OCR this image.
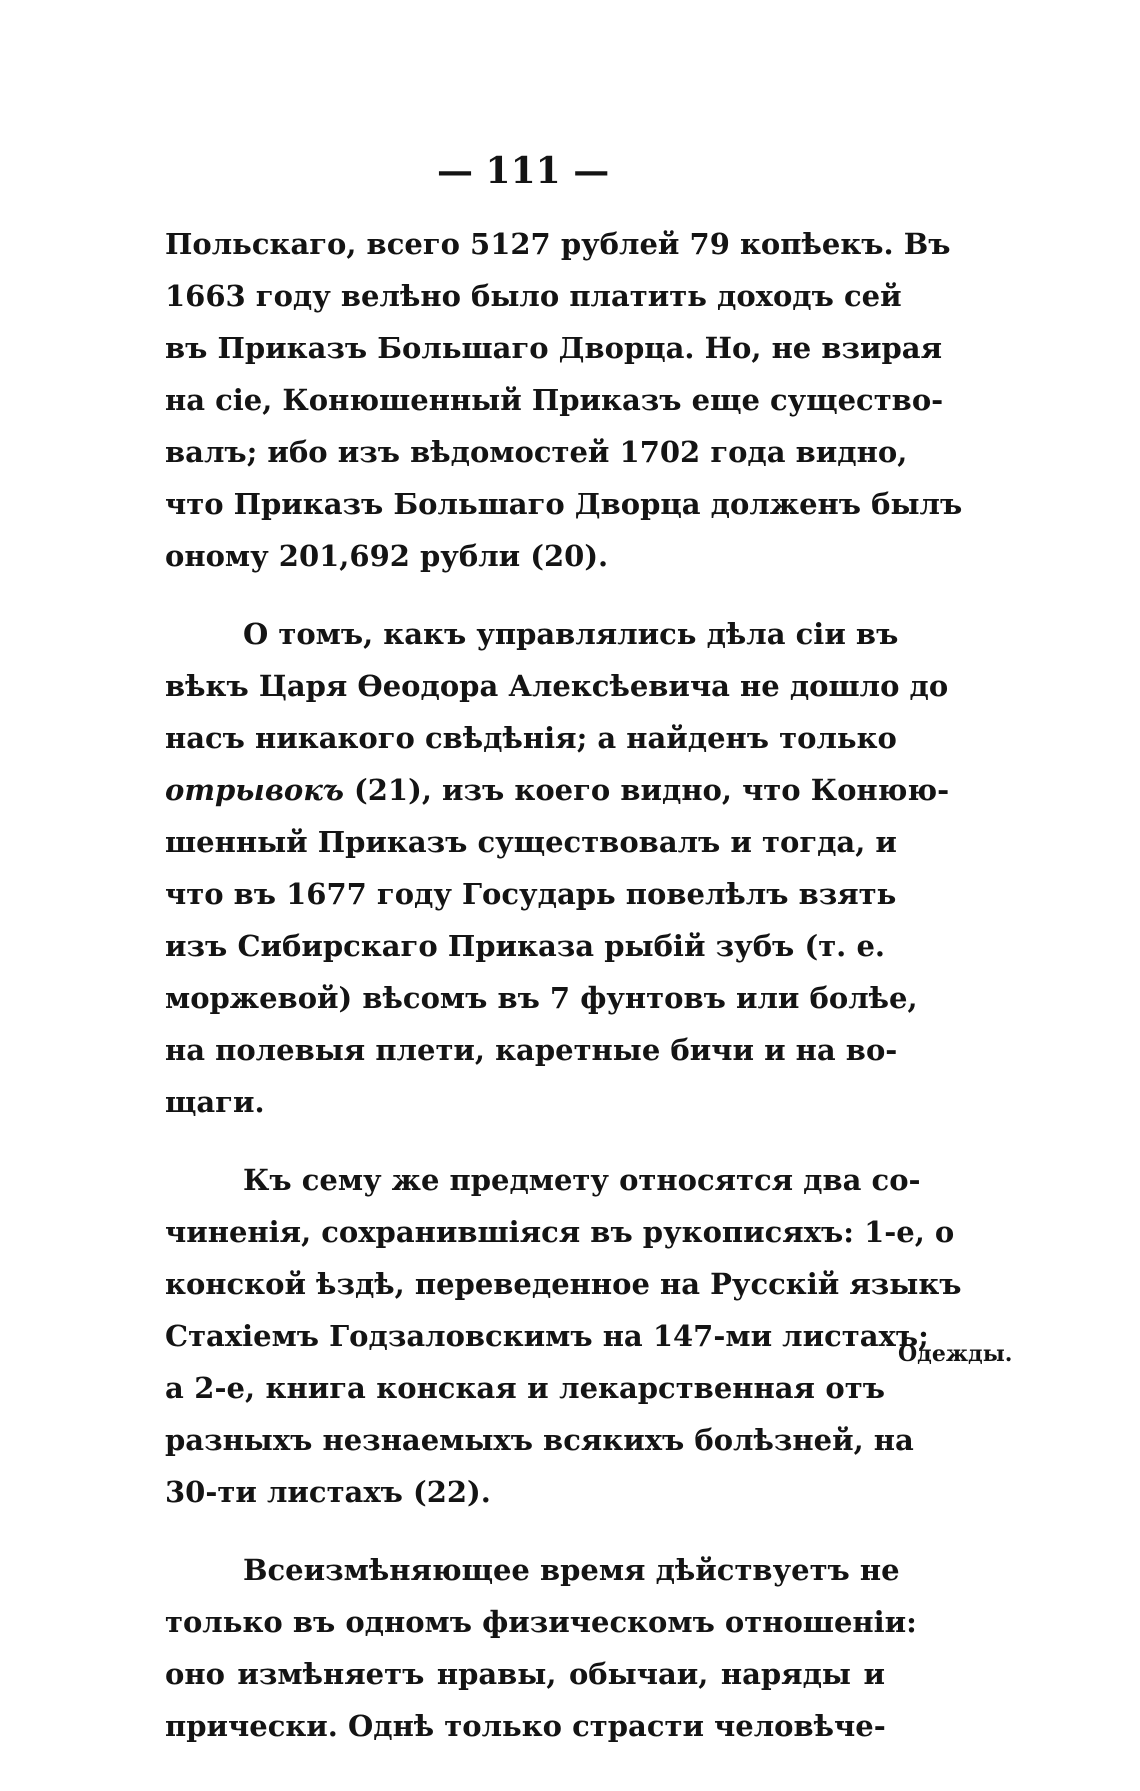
— 111 —
Польскаго, всего 5127 рублей 79 копѣекъ. Въ
1663 году велѣно было платить доходъ сей
въ Приказъ Большаго Дворца. Но, не взирая
на сіе, Конюшенный Приказъ еще существо-
валъ; ибо изъ вѣдомостей 1702 года видно,
что Приказъ Большаго Дворца долженъ былъ
оному 201,692 рубли (20).
О томъ, какъ управлялись дѣла сіи въ
вѣкъ Царя Ѳеодора Алексѣевича не дошло до
насъ никакого свѣдѣнія; а найденъ только
отрывокъ (21), изъ коего видно, что Конюю-
шенный Приказъ существовалъ и тогда, и
что въ 1677 году Государь повелѣлъ взять
изъ Сибирскаго Приказа рыбій зубъ (т. е.
моржевой) вѣсомъ въ 7 фунтовъ или болѣе,
на полевыя плети, каретные бичи и на во-
щаги.
Къ сему же предмету относятся два со-
чиненія, сохранившіяся въ рукописяхъ: 1-е, о
конской ѣздѣ, переведенное на Русскій языкъ
Стахіемъ Годзаловскимъ на 147-ми листахъ;
а 2-е, книга конская и лекарственная отъ
разныхъ незнаемыхъ всякихъ болѣзней, на
30-ти листахъ (22).
Всеизмѣняющее время дѣйствуетъ не
только въ одномъ физическомъ отношеніи:
оно измѣняетъ нравы, обычаи, наряды и
прически. Однѣ только страсти человѣче-
Одежды.
